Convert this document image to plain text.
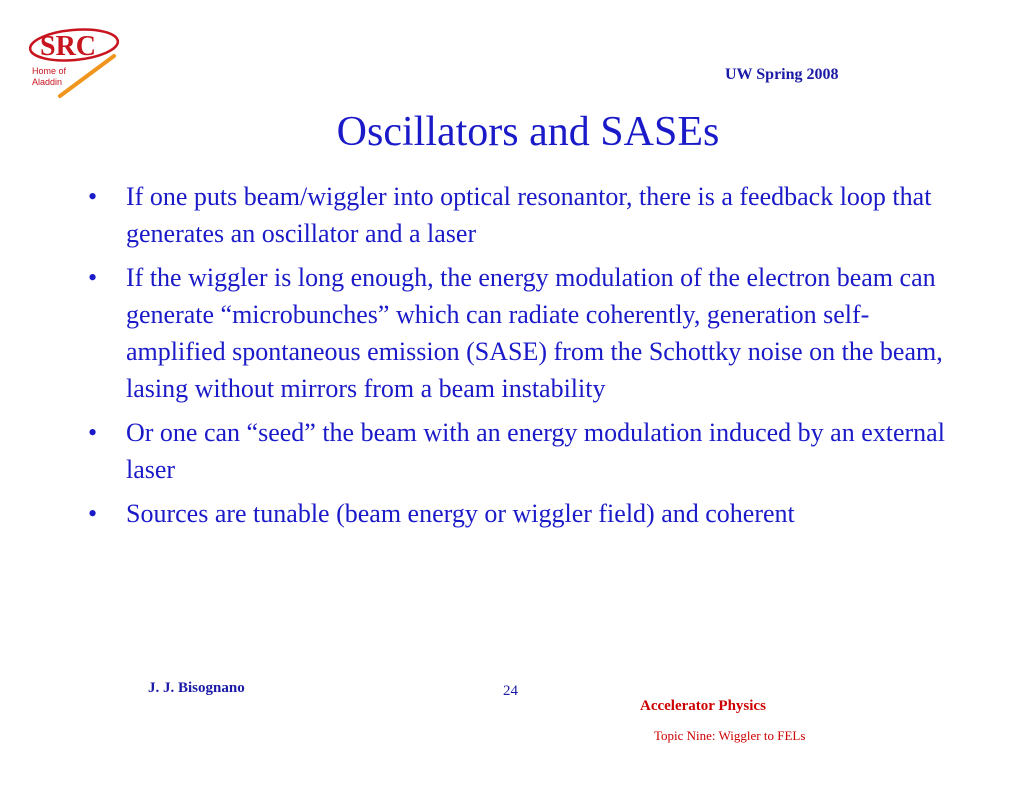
SRC
Home of
Aladdin	UW Spring 2008
Oscillators and SASEs
• If one puts beam/wiggler into optical resonantor, there is a feedback loop that generates an oscillator and a laser
• If the wiggler is long enough, the energy modulation of the electron beam can generate “microbunches” which can radiate coherently, generation self-amplified spontaneous emission (SASE) from the Schottky noise on the beam, lasing without mirrors from a beam instability
• Or one can “seed” the beam with an energy modulation induced by an external laser
• Sources are tunable (beam energy or wiggler field) and coherent
J. J. Bisognano	24
Accelerator Physics
Topic Nine: Wiggler to FELs
